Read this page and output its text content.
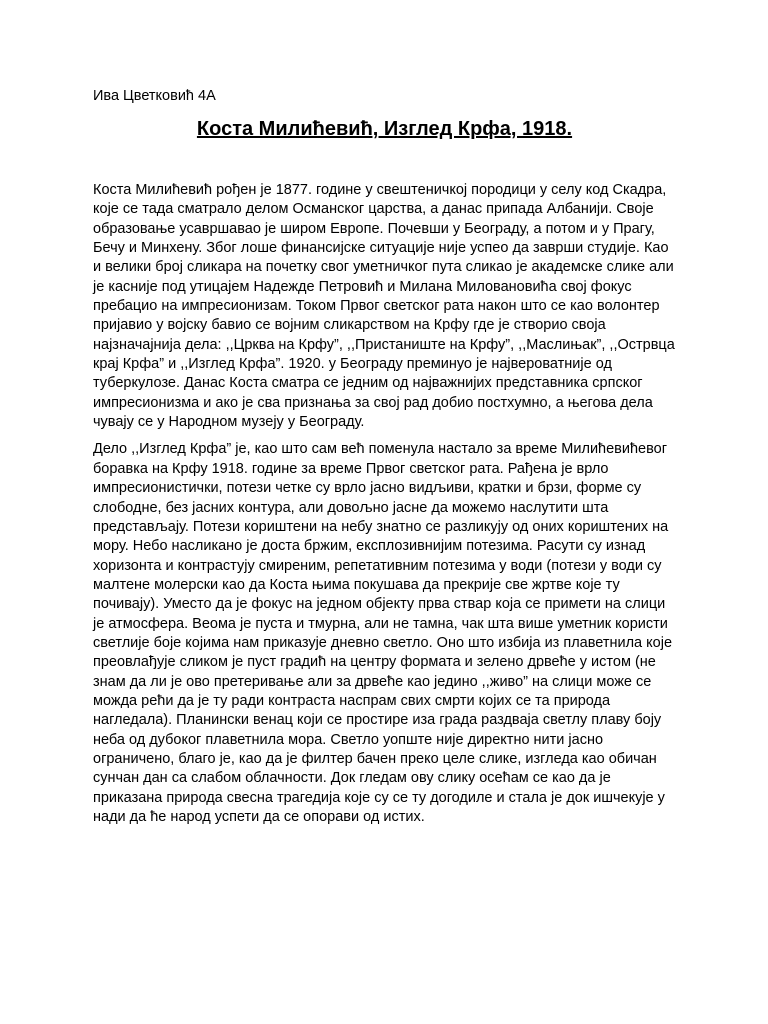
Ива Цветковић 4А

Коста Милићевић, Изглед Крфа, 1918.

Коста Милићевић рођен је 1877. године у свештеничкој породици у селу код Скадра, које се тада сматрало делом Османског царства, а данас припада Албанији. Своје образовање усавршавао је широм Европе. Почевши у Београду, а потом и у Прагу, Бечу и Минхену. Због лоше финансијске ситуације није успео да заврши студије. Као и велики број сликара на почетку свог уметничког пута сликао је академске слике али је касније под утицајем Надежде Петровић и Милана Миловановића свој фокус пребацио на импресионизам. Током Првог светског рата након што се као волонтер пријавио у војску бавио се војним сликарством на Крфу где је створио своја најзначајнија дела: ,,Црква на Крфу”, ,,Пристаниште на Крфу”, ,,Маслињак”, ,,Острвца крај Крфа” и ,,Изглед Крфа”. 1920. у Београду преминуо је највероватније од туберкулозе. Данас Коста сматра се једним од најважнијих представника српског импресионизма и ако је сва признања за свој рад добио постхумно, а његова дела чувају се у Народном музеју у Београду.

Дело ,,Изглед Крфа” је, као што сам већ поменула настало за време Милићевићевог боравка на Крфу 1918. године за време Првог светског рата. Рађена је врло импресионистички, потези четке су врло јасно видљиви, кратки и брзи, форме су слободне, без јасних контура, али довољно јасне да можемо наслутити шта представљају. Потези кориштени на небу знатно се разликују од оних кориштених на мору. Небо насликано је доста бржим, експлозивнијим потезима. Расути су изнад хоризонта и контрастују смиреним, репетативним потезима у води (потези у води су малтене молерски као да Коста њима покушава да прекрије све жртве које ту почивају). Уместо да је фокус на једном објекту прва ствар која се примети на слици је атмосфера. Веома је пуста и тмурна, али не тамна, чак шта више уметник користи светлије боје којима нам приказује дневно светло. Оно што избија из плаветнила које преовлађује сликом је пуст градић на центру формата и зелено дрвеће у истом (не знам да ли је ово претеривање али за дрвеће као једино ,,живо” на слици може се можда рећи да је ту ради контраста наспрам свих смрти којих се та природа нагледала). Планински венац који се простире иза града раздваја светлу плаву боју неба од дубоког плаветнила мора. Светло уопште није директно нити јасно ограничено, благо је, као да је филтер бачен преко целе слике, изгледа као обичан сунчан дан са слабом облачности. Док гледам ову слику осећам се као да је приказана природа свесна трагедија које су се ту догодиле и стала је док ишчекује у нади да ће народ успети да се опорави од истих.
